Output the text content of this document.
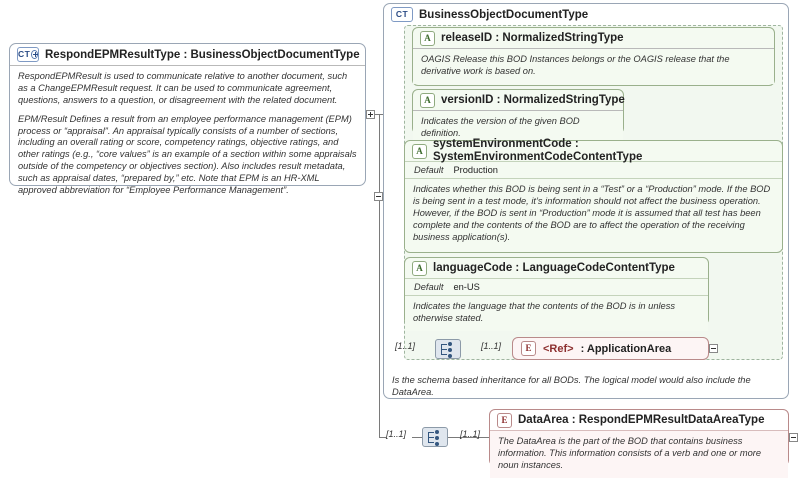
CT RespondEPMResultType : BusinessObjectDocumentType

RespondEPMResult is used to communicate relative to another document, such as a ChangeEPMResult request. It can be used to communicate agreement, questions, answers to a question, or disagreement with the related document.

EPM/Result Defines a result from an employee performance management (EPM) process or “appraisal”. An appraisal typically consists of a number of sections, including an overall rating or score, competency ratings, objective ratings, and other ratings (e.g., “core values” is an example of a section within some appraisals outside of the competency or objectives section). Also includes result metadata, such as appraisal dates, “prepared by,” etc. Note that EPM is an HR-XML approved abbreviation for “Employee Performance Management”.

CT BusinessObjectDocumentType
A releaseID : NormalizedStringType
OAGIS Release this BOD Instances belongs or the OAGIS release that the derivative work is based on.
A versionID : NormalizedStringType
Indicates the version of the given BOD definition.
A
systemEnvironmentCode : SystemEnvironmentCodeContentType
Default Production
Indicates whether this BOD is being sent in a “Test” or a “Production” mode. If the BOD is being sent in a test mode, it’s information should not affect the business operation. However, if the BOD is sent in “Production” mode it is assumed that all test has been complete and the contents of the BOD are to affect the operation of the receiving business application(s).
A languageCode : LanguageCodeContentType
Default en-US
Indicates the language that the contents of the BOD is in unless otherwise stated.
E	<Ref> : ApplicationArea
[1..1]	[1..1]
[1..1]	[1..1]
Is the schema based inheritance for all BODs. The logical model would also include the DataArea.
E DataArea : RespondEPMResultDataAreaType
The DataArea is the part of the BOD that contains business information. This information consists of a verb and one or more noun instances.
